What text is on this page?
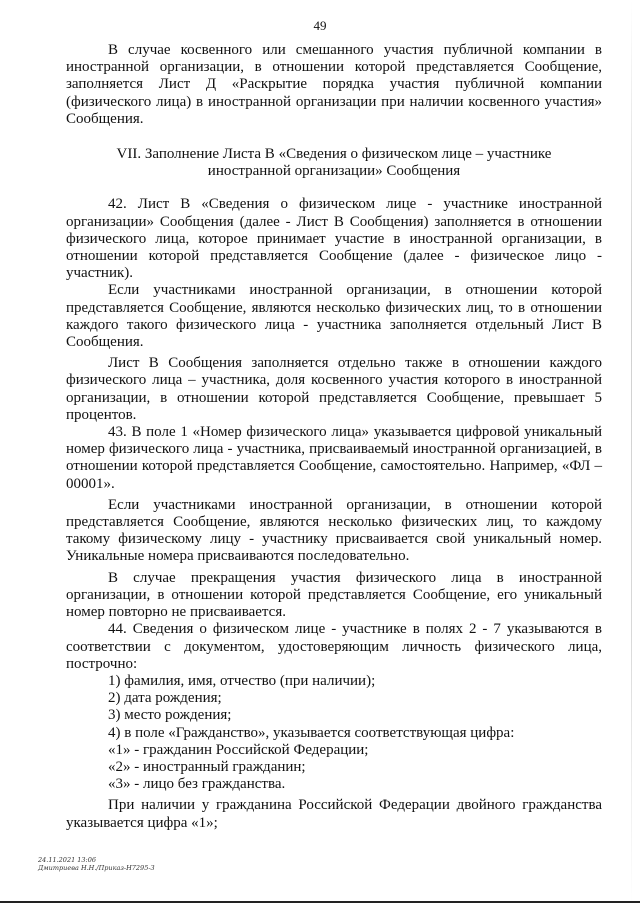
49

В случае косвенного или смешанного участия публичной компании в иностранной организации, в отношении которой представляется Сообщение, заполняется Лист Д «Раскрытие порядка участия публичной компании (физического лица) в иностранной организации при наличии косвенного участия» Сообщения.

VII. Заполнение Листа В «Сведения о физическом лице – участнике
иностранной организации» Сообщения

42. Лист В «Сведения о физическом лице - участнике иностранной организации» Сообщения (далее - Лист В Сообщения) заполняется в отношении физического лица, которое принимает участие в иностранной организации, в отношении которой представляется Сообщение (далее - физическое лицо - участник).

Если участниками иностранной организации, в отношении которой представляется Сообщение, являются несколько физических лиц, то в отношении каждого такого физического лица - участника заполняется отдельный Лист В Сообщения.

Лист В Сообщения заполняется отдельно также в отношении каждого физического лица – участника, доля косвенного участия которого в иностранной организации, в отношении которой представляется Сообщение, превышает 5 процентов.

43. В поле 1 «Номер физического лица» указывается цифровой уникальный номер физического лица - участника, присваиваемый иностранной организацией, в отношении которой представляется Сообщение, самостоятельно. Например, «ФЛ – 00001».

Если участниками иностранной организации, в отношении которой представляется Сообщение, являются несколько физических лиц, то каждому такому физическому лицу - участнику присваивается свой уникальный номер. Уникальные номера присваиваются последовательно.

В случае прекращения участия физического лица в иностранной организации, в отношении которой представляется Сообщение, его уникальный номер повторно не присваивается.

44. Сведения о физическом лице - участнике в полях 2 - 7 указываются в соответствии с документом, удостоверяющим личность физического лица, построчно:

1) фамилия, имя, отчество (при наличии);

2) дата рождения;

3) место рождения;

4) в поле «Гражданство», указывается соответствующая цифра:

«1» - гражданин Российской Федерации;

«2» - иностранный гражданин;

«3» - лицо без гражданства.

При наличии у гражданина Российской Федерации двойного гражданства указывается цифра «1»;

24.11.2021 13:06
Дмитриева Н.Н./Приказ-Н7295-3
